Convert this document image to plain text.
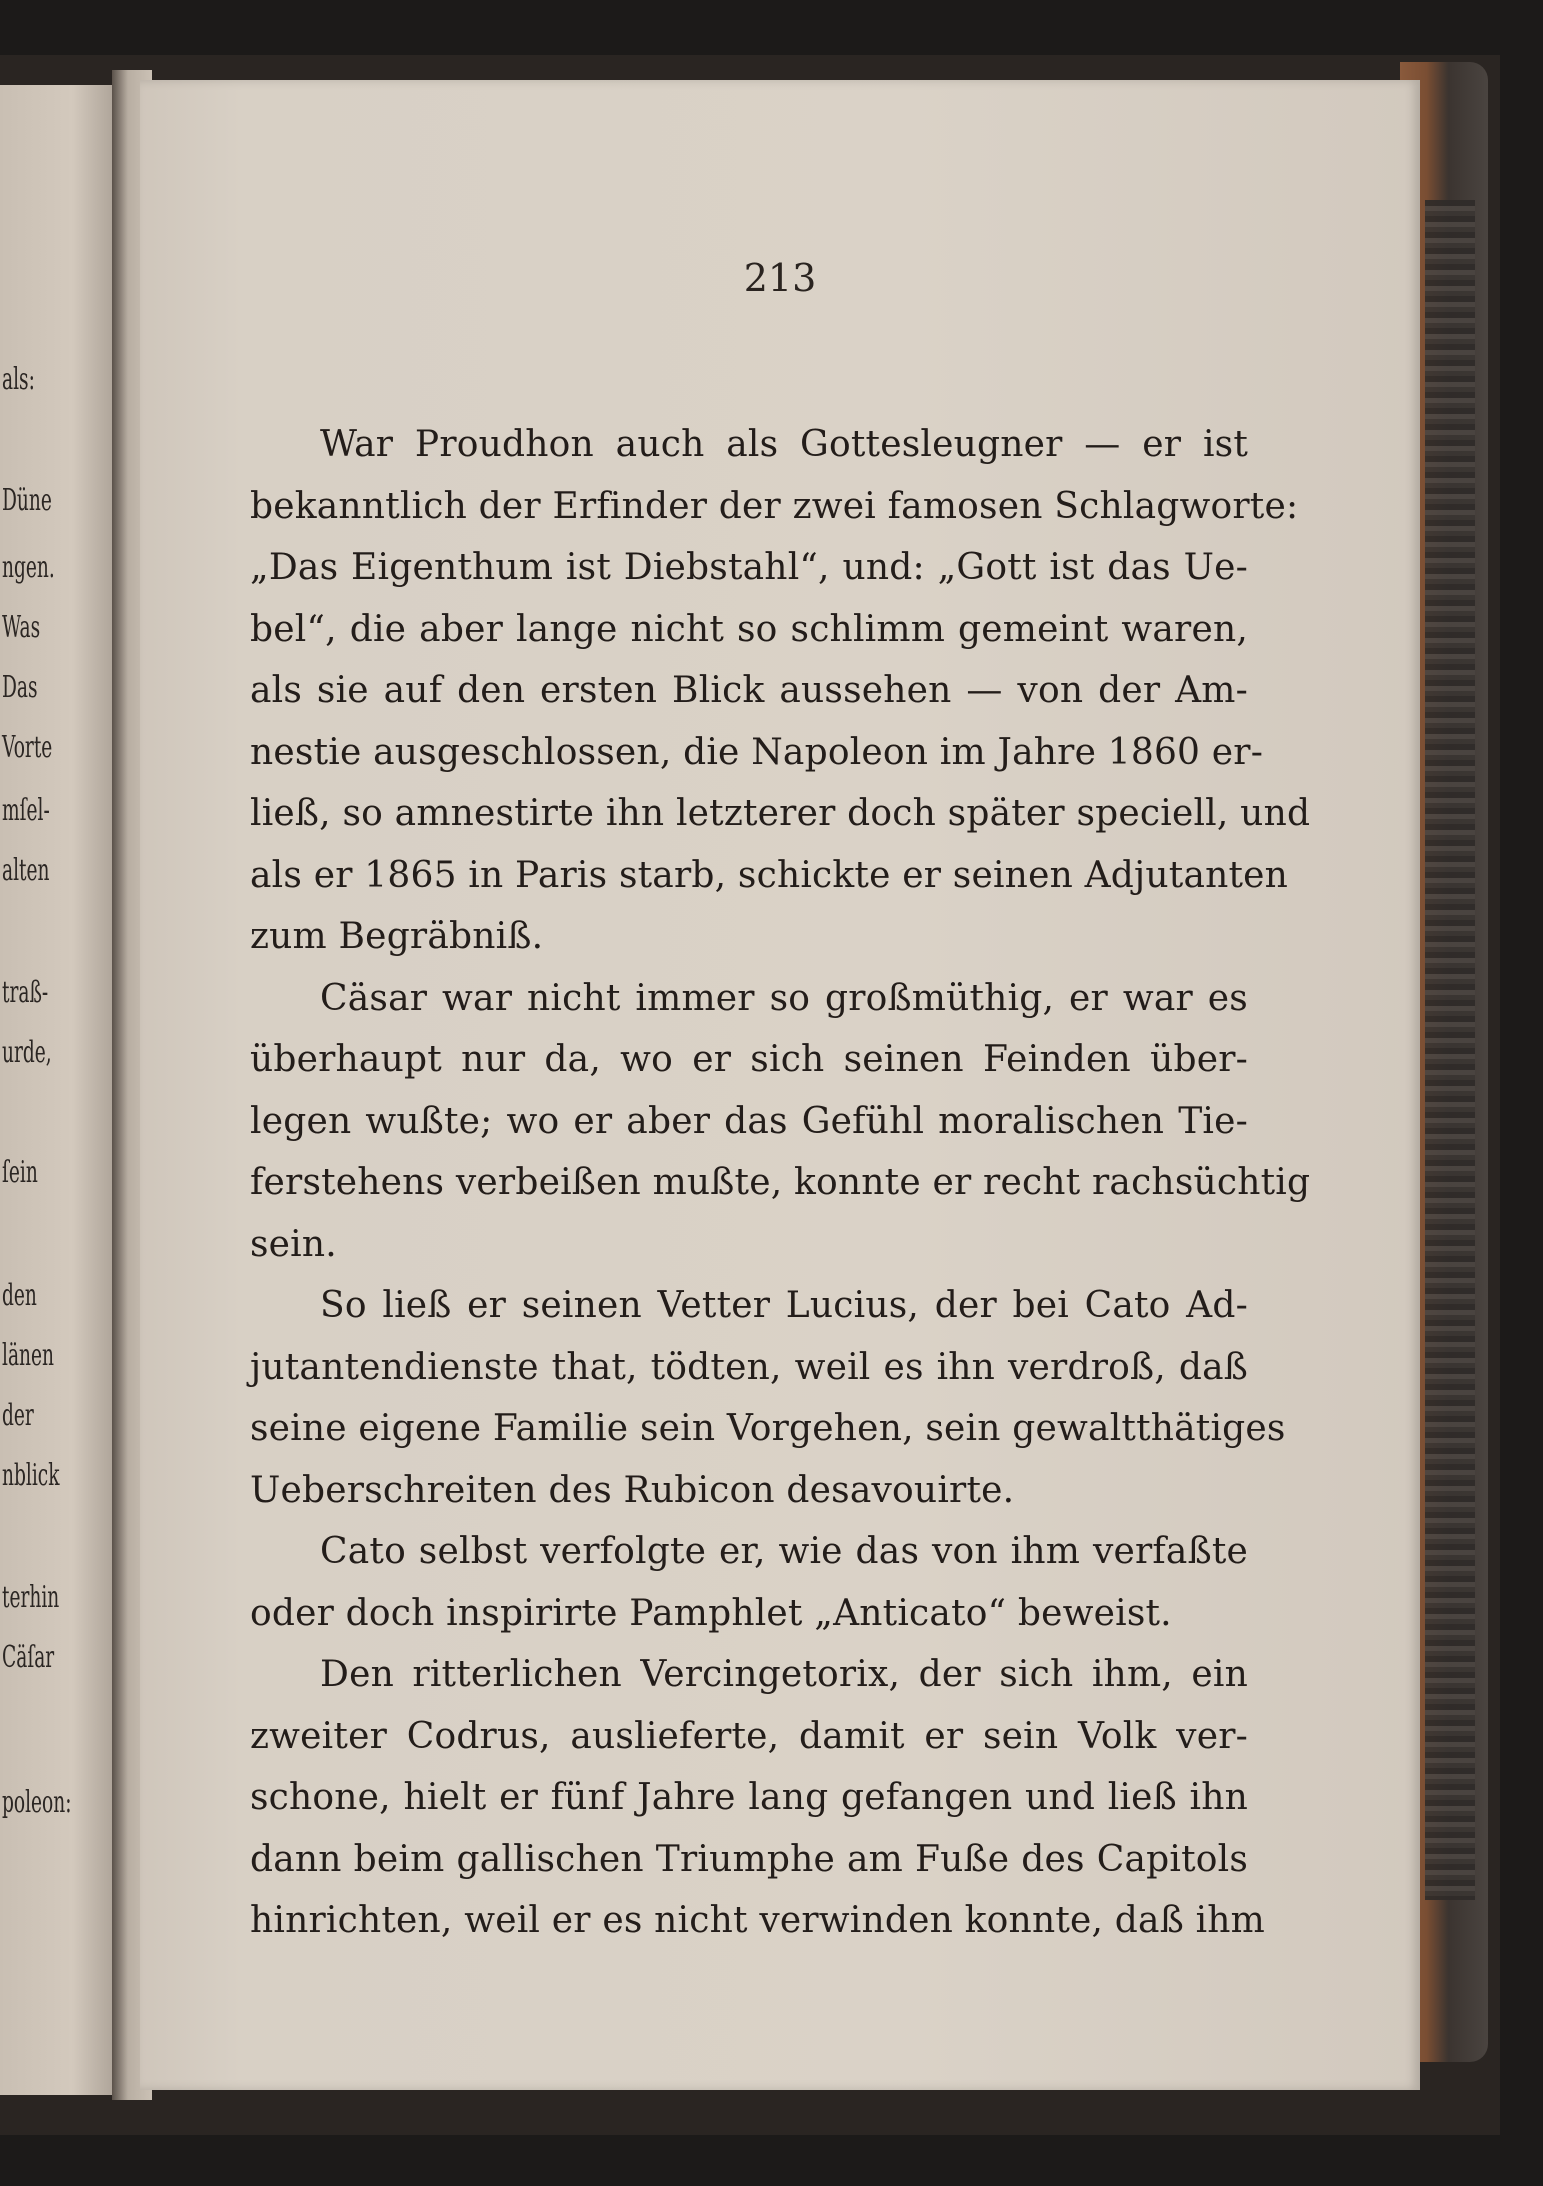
als:
Düne
ngen.
Was
Das
Vorte
mſel-
alten
traß-
urde,
ſein
den
länen
der
nblick
terhin
Cäſar
poleon:
213
War Proudhon auch als Gottesleugner — er ist
bekanntlich der Erfinder der zwei famosen Schlagworte:
„Das Eigenthum ist Diebstahl“, und: „Gott ist das Ue-
bel“, die aber lange nicht so schlimm gemeint waren,
als sie auf den ersten Blick aussehen — von der Am-
nestie ausgeschlossen, die Napoleon im Jahre 1860 er-
ließ, so amnestirte ihn letzterer doch später speciell, und
als er 1865 in Paris starb, schickte er seinen Adjutanten
zum Begräbniß.
Cäsar war nicht immer so großmüthig, er war es
überhaupt nur da, wo er sich seinen Feinden über-
legen wußte; wo er aber das Gefühl moralischen Tie-
ferstehens verbeißen mußte, konnte er recht rachsüchtig
sein.
So ließ er seinen Vetter Lucius, der bei Cato Ad-
jutantendienste that, tödten, weil es ihn verdroß, daß
seine eigene Familie sein Vorgehen, sein gewaltthätiges
Ueberschreiten des Rubicon desavouirte.
Cato selbst verfolgte er, wie das von ihm verfaßte
oder doch inspirirte Pamphlet „Anticato“ beweist.
Den ritterlichen Vercingetorix, der sich ihm, ein
zweiter Codrus, auslieferte, damit er sein Volk ver-
schone, hielt er fünf Jahre lang gefangen und ließ ihn
dann beim gallischen Triumphe am Fuße des Capitols
hinrichten, weil er es nicht verwinden konnte, daß ihm
